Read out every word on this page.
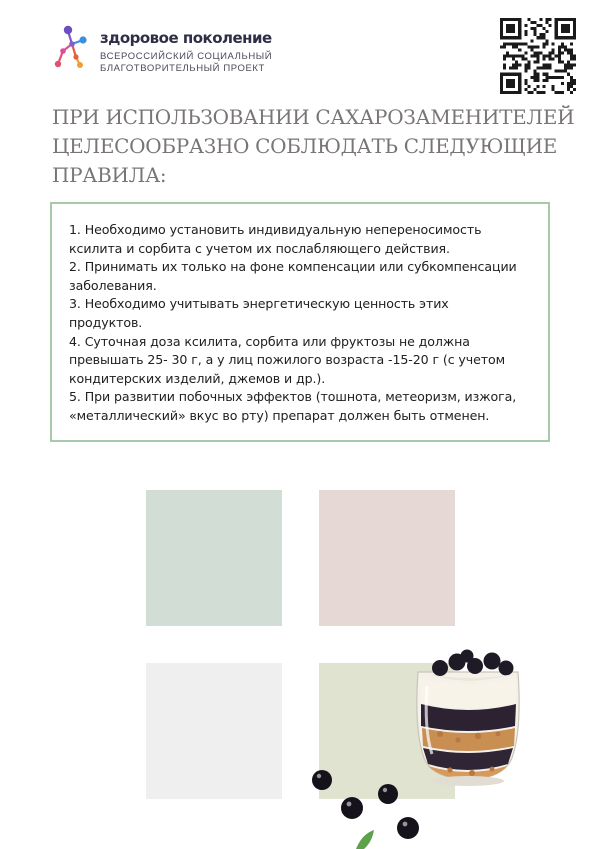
здоровое поколение
ВСЕРОССИЙСКИЙ СОЦИАЛЬНЫЙ
БЛАГОТВОРИТЕЛЬНЫЙ ПРОЕКТ
ПРИ ИСПОЛЬЗОВАНИИ САХАРОЗАМЕНИТЕЛЕЙ
ЦЕЛЕСООБРАЗНО СОБЛЮДАТЬ СЛЕДУЮЩИЕ
ПРАВИЛА:
1. Необходимо установить индивидуальную непереносимость
ксилита и сорбита с учетом их послабляющего действия.
2. Принимать их только на фоне компенсации или субкомпенсации
заболевания.
3. Необходимо учитывать энергетическую ценность этих
продуктов.
4. Суточная доза ксилита, сорбита или фруктозы не должна
превышать 25- 30 г, а у лиц пожилого возраста -15-20 г (с учетом
кондитерских изделий, джемов и др.).
5. При развитии побочных эффектов (тошнота, метеоризм, изжога,
«металлический» вкус во рту) препарат должен быть отменен.
